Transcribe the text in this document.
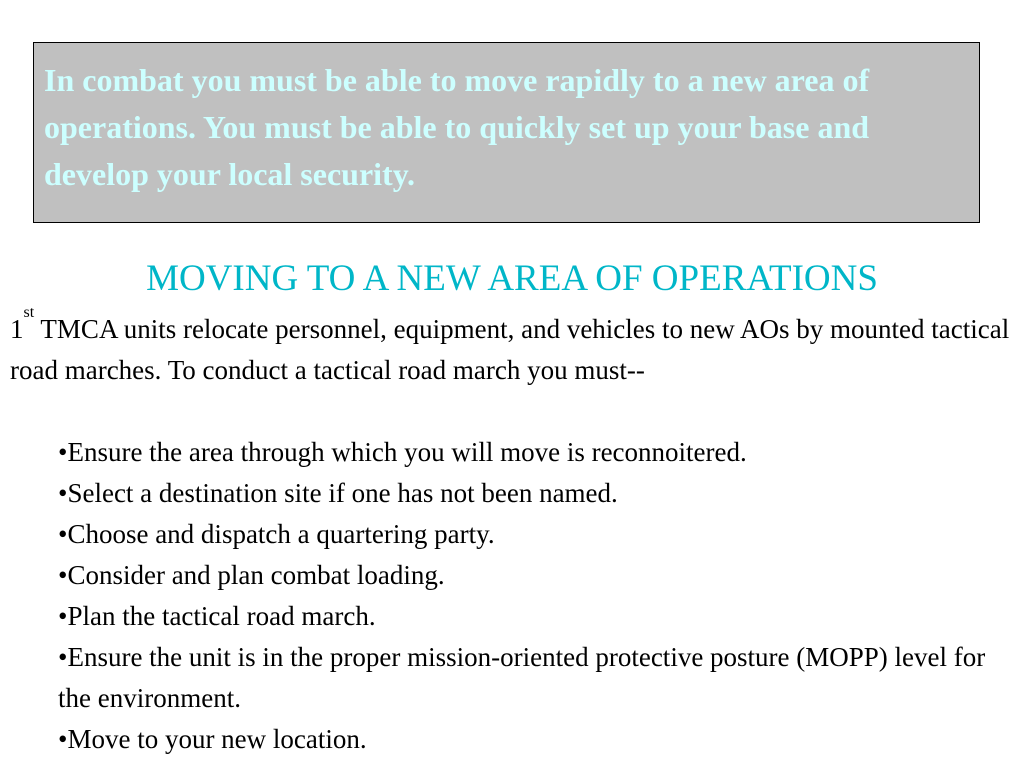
In combat you must be able to move rapidly to a new area of operations. You must be able to quickly set up your base and develop your local security.

MOVING TO A NEW AREA OF OPERATIONS

1st TMCA units relocate personnel, equipment, and vehicles to new AOs by mounted tactical road marches. To conduct a tactical road march you must--

•Ensure the area through which you will move is reconnoitered.
•Select a destination site if one has not been named.
•Choose and dispatch a quartering party.
•Consider and plan combat loading.
•Plan the tactical road march.
•Ensure the unit is in the proper mission-oriented protective posture (MOPP) level for the environment.
•Move to your new location.
